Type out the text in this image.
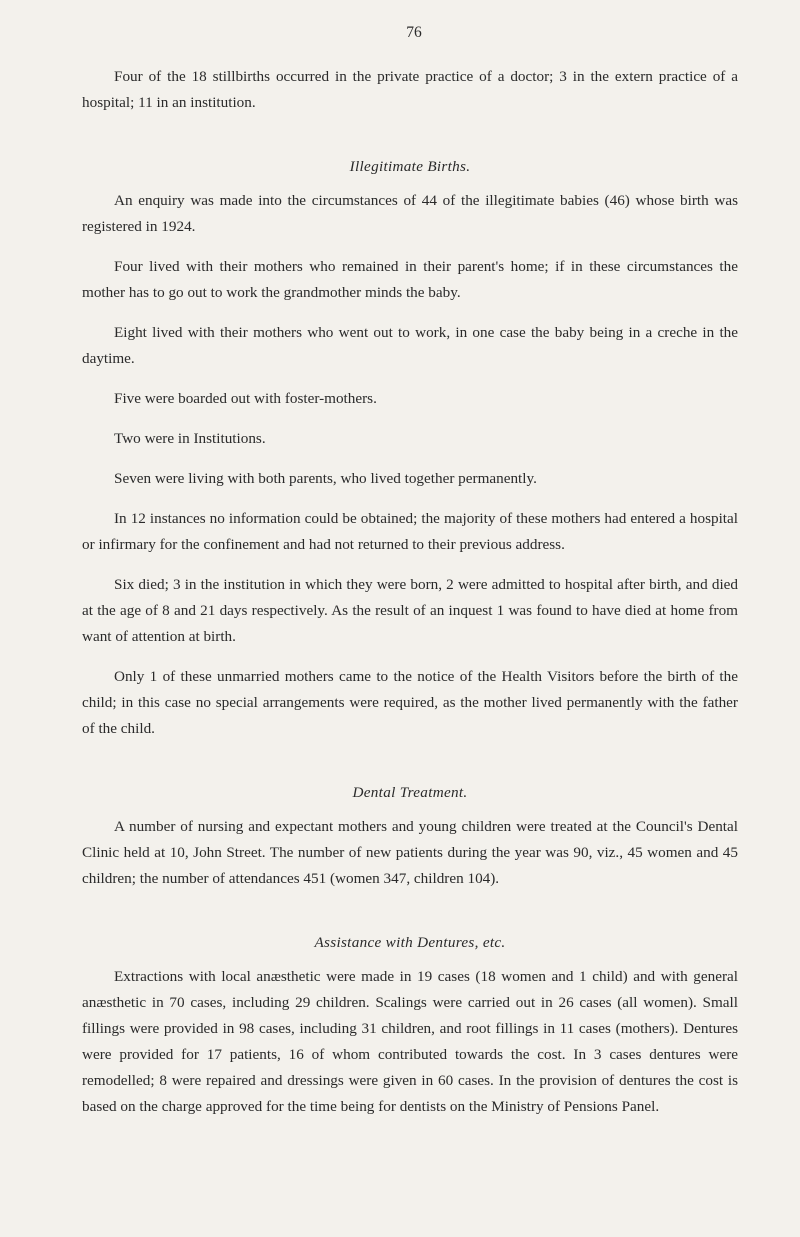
76

Four of the 18 stillbirths occurred in the private practice of a doctor; 3 in the extern practice of a hospital; 11 in an institution.

Illegitimate Births.

An enquiry was made into the circumstances of 44 of the illegitimate babies (46) whose birth was registered in 1924.

Four lived with their mothers who remained in their parent's home; if in these circumstances the mother has to go out to work the grandmother minds the baby.

Eight lived with their mothers who went out to work, in one case the baby being in a creche in the daytime.

Five were boarded out with foster-mothers.

Two were in Institutions.

Seven were living with both parents, who lived together permanently.

In 12 instances no information could be obtained; the majority of these mothers had entered a hospital or infirmary for the confinement and had not returned to their previous address.

Six died; 3 in the institution in which they were born, 2 were admitted to hospital after birth, and died at the age of 8 and 21 days respectively. As the result of an inquest 1 was found to have died at home from want of attention at birth.

Only 1 of these unmarried mothers came to the notice of the Health Visitors before the birth of the child; in this case no special arrangements were required, as the mother lived permanently with the father of the child.

Dental Treatment.

A number of nursing and expectant mothers and young children were treated at the Council's Dental Clinic held at 10, John Street. The number of new patients during the year was 90, viz., 45 women and 45 children; the number of attendances 451 (women 347, children 104).

Assistance with Dentures, etc.

Extractions with local anæsthetic were made in 19 cases (18 women and 1 child) and with general anæsthetic in 70 cases, including 29 children. Scalings were carried out in 26 cases (all women). Small fillings were provided in 98 cases, including 31 children, and root fillings in 11 cases (mothers). Dentures were provided for 17 patients, 16 of whom contributed towards the cost. In 3 cases dentures were remodelled; 8 were repaired and dressings were given in 60 cases. In the provision of dentures the cost is based on the charge approved for the time being for dentists on the Ministry of Pensions Panel.
